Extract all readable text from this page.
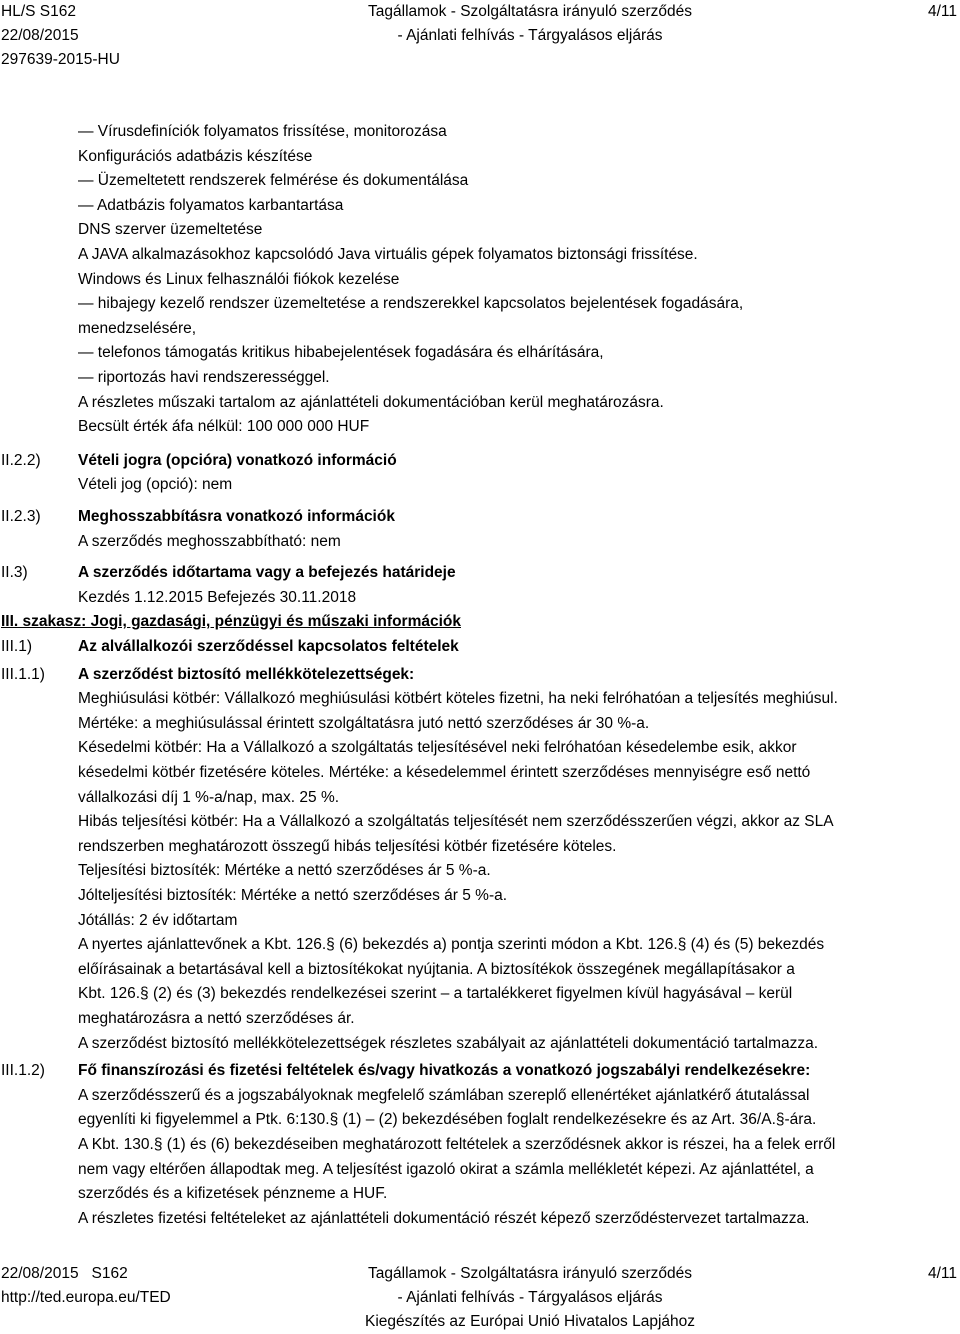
HL/S S162
22/08/2015
297639-2015-HU
Tagállamok - Szolgáltatásra irányuló szerződés
- Ajánlati felhívás - Tárgyalásos eljárás
4/11
— Vírusdefiníciók folyamatos frissítése, monitorozása
Konfigurációs adatbázis készítése
— Üzemeltetett rendszerek felmérése és dokumentálása
— Adatbázis folyamatos karbantartása
DNS szerver üzemeltetése
A JAVA alkalmazásokhoz kapcsolódó Java virtuális gépek folyamatos biztonsági frissítése.
Windows és Linux felhasználói fiókok kezelése
— hibajegy kezelő rendszer üzemeltetése a rendszerekkel kapcsolatos bejelentések fogadására,
menedzselésére,
— telefonos támogatás kritikus hibabejelentések fogadására és elhárítására,
— riportozás havi rendszerességgel.
A részletes műszaki tartalom az ajánlattételi dokumentációban kerül meghatározásra.
Becsült érték áfa nélkül: 100 000 000 HUF
II.2.2) Vételi jogra (opcióra) vonatkozó információ
Vételi jog (opció): nem
II.2.3) Meghosszabbításra vonatkozó információk
A szerződés meghosszabbítható: nem
II.3)	A szerződés időtartama vagy a befejezés határideje
Kezdés 1.12.2015 Befejezés 30.11.2018
III. szakasz: Jogi, gazdasági, pénzügyi és műszaki információk
III.1)	Az alvállalkozói szerződéssel kapcsolatos feltételek
III.1.1) A szerződést biztosító mellékkötelezettségek:
Meghiúsulási kötbér: Vállalkozó meghiúsulási kötbért köteles fizetni, ha neki felróhatóan a teljesítés meghiúsul.
Mértéke: a meghiúsulással érintett szolgáltatásra jutó nettó szerződéses ár 30 %-a.
Késedelmi kötbér: Ha a Vállalkozó a szolgáltatás teljesítésével neki felróhatóan késedelembe esik, akkor
késedelmi kötbér fizetésére köteles. Mértéke: a késedelemmel érintett szerződéses mennyiségre eső nettó
vállalkozási díj 1 %-a/nap, max. 25 %.
Hibás teljesítési kötbér: Ha a Vállalkozó a szolgáltatás teljesítését nem szerződésszerűen végzi, akkor az SLA
rendszerben meghatározott összegű hibás teljesítési kötbér fizetésére köteles.
Teljesítési biztosíték: Mértéke a nettó szerződéses ár 5 %-a.
Jólteljesítési biztosíték: Mértéke a nettó szerződéses ár 5 %-a.
Jótállás: 2 év időtartam
A nyertes ajánlattevőnek a Kbt. 126.§ (6) bekezdés a) pontja szerinti módon a Kbt. 126.§ (4) és (5) bekezdés
előírásainak a betartásával kell a biztosítékokat nyújtania. A biztosítékok összegének megállapításakor a
Kbt. 126.§ (2) és (3) bekezdés rendelkezései szerint – a tartalékkeret figyelmen kívül hagyásával – kerül
meghatározásra a nettó szerződéses ár.
A szerződést biztosító mellékkötelezettségek részletes szabályait az ajánlattételi dokumentáció tartalmazza.
III.1.2) Fő finanszírozási és fizetési feltételek és/vagy hivatkozás a vonatkozó jogszabályi rendelkezésekre:
A szerződésszerű és a jogszabályoknak megfelelő számlában szereplő ellenértéket ajánlatkérő átutalással
egyenlíti ki figyelemmel a Ptk. 6:130.§ (1) – (2) bekezdésében foglalt rendelkezésekre és az Art. 36/A.§-ára.
A Kbt. 130.§ (1) és (6) bekezdéseiben meghatározott feltételek a szerződésnek akkor is részei, ha a felek erről
nem vagy eltérően állapodtak meg. A teljesítést igazoló okirat a számla mellékletét képezi. Az ajánlattétel, a
szerződés és a kifizetések pénzneme a HUF.
A részletes fizetési feltételeket az ajánlattételi dokumentáció részét képező szerződéstervezet tartalmazza.
22/08/2015 S162
http://ted.europa.eu/TED
Tagállamok - Szolgáltatásra irányuló szerződés
- Ajánlati felhívás - Tárgyalásos eljárás
Kiegészítés az Európai Unió Hivatalos Lapjához
4/11
